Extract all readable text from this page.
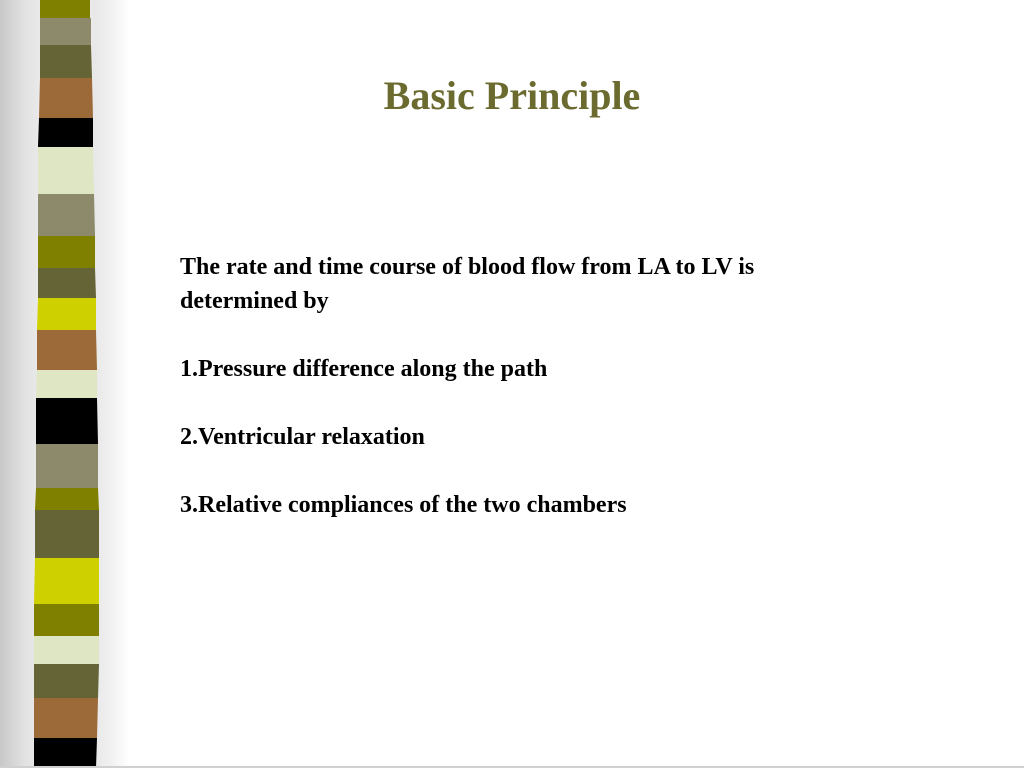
Basic Principle

The rate and time course of blood flow from LA to LV is

determined by

1.Pressure difference along the path

2.Ventricular relaxation

3.Relative compliances of the two chambers
